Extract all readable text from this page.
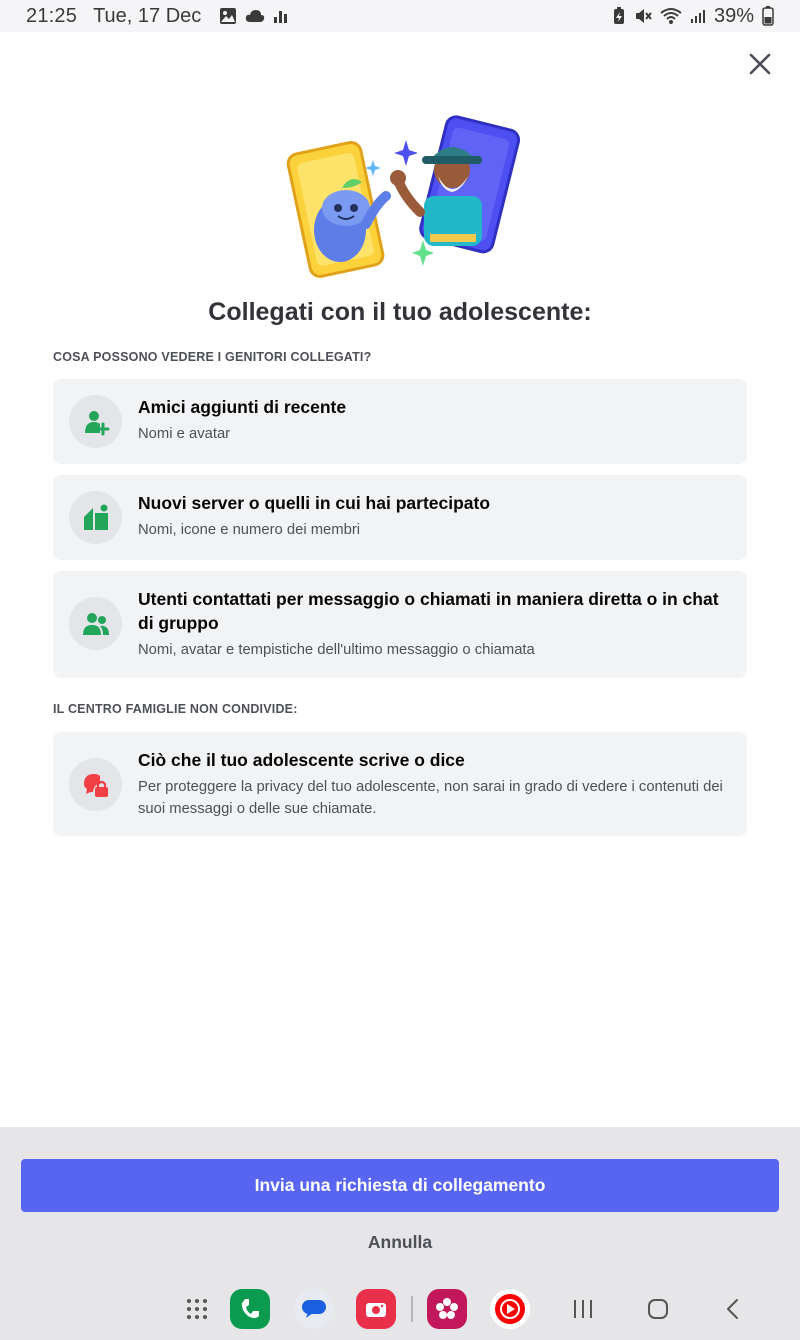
21:25 Tue, 17 Dec	39%
Collegati con il tuo adolescente:
COSA POSSONO VEDERE I GENITORI COLLEGATI?
Amici aggiunti di recente
Nomi e avatar
Nuovi server o quelli in cui hai partecipato
Nomi, icone e numero dei membri
Utenti contattati per messaggio o chiamati in maniera diretta o in chat di gruppo
Nomi, avatar e tempistiche dell'ultimo messaggio o chiamata
IL CENTRO FAMIGLIE NON CONDIVIDE:
Ciò che il tuo adolescente scrive o dice
Per proteggere la privacy del tuo adolescente, non sarai in grado di vedere i contenuti dei suoi messaggi o delle sue chiamate.
Invia una richiesta di collegamento
Annulla
